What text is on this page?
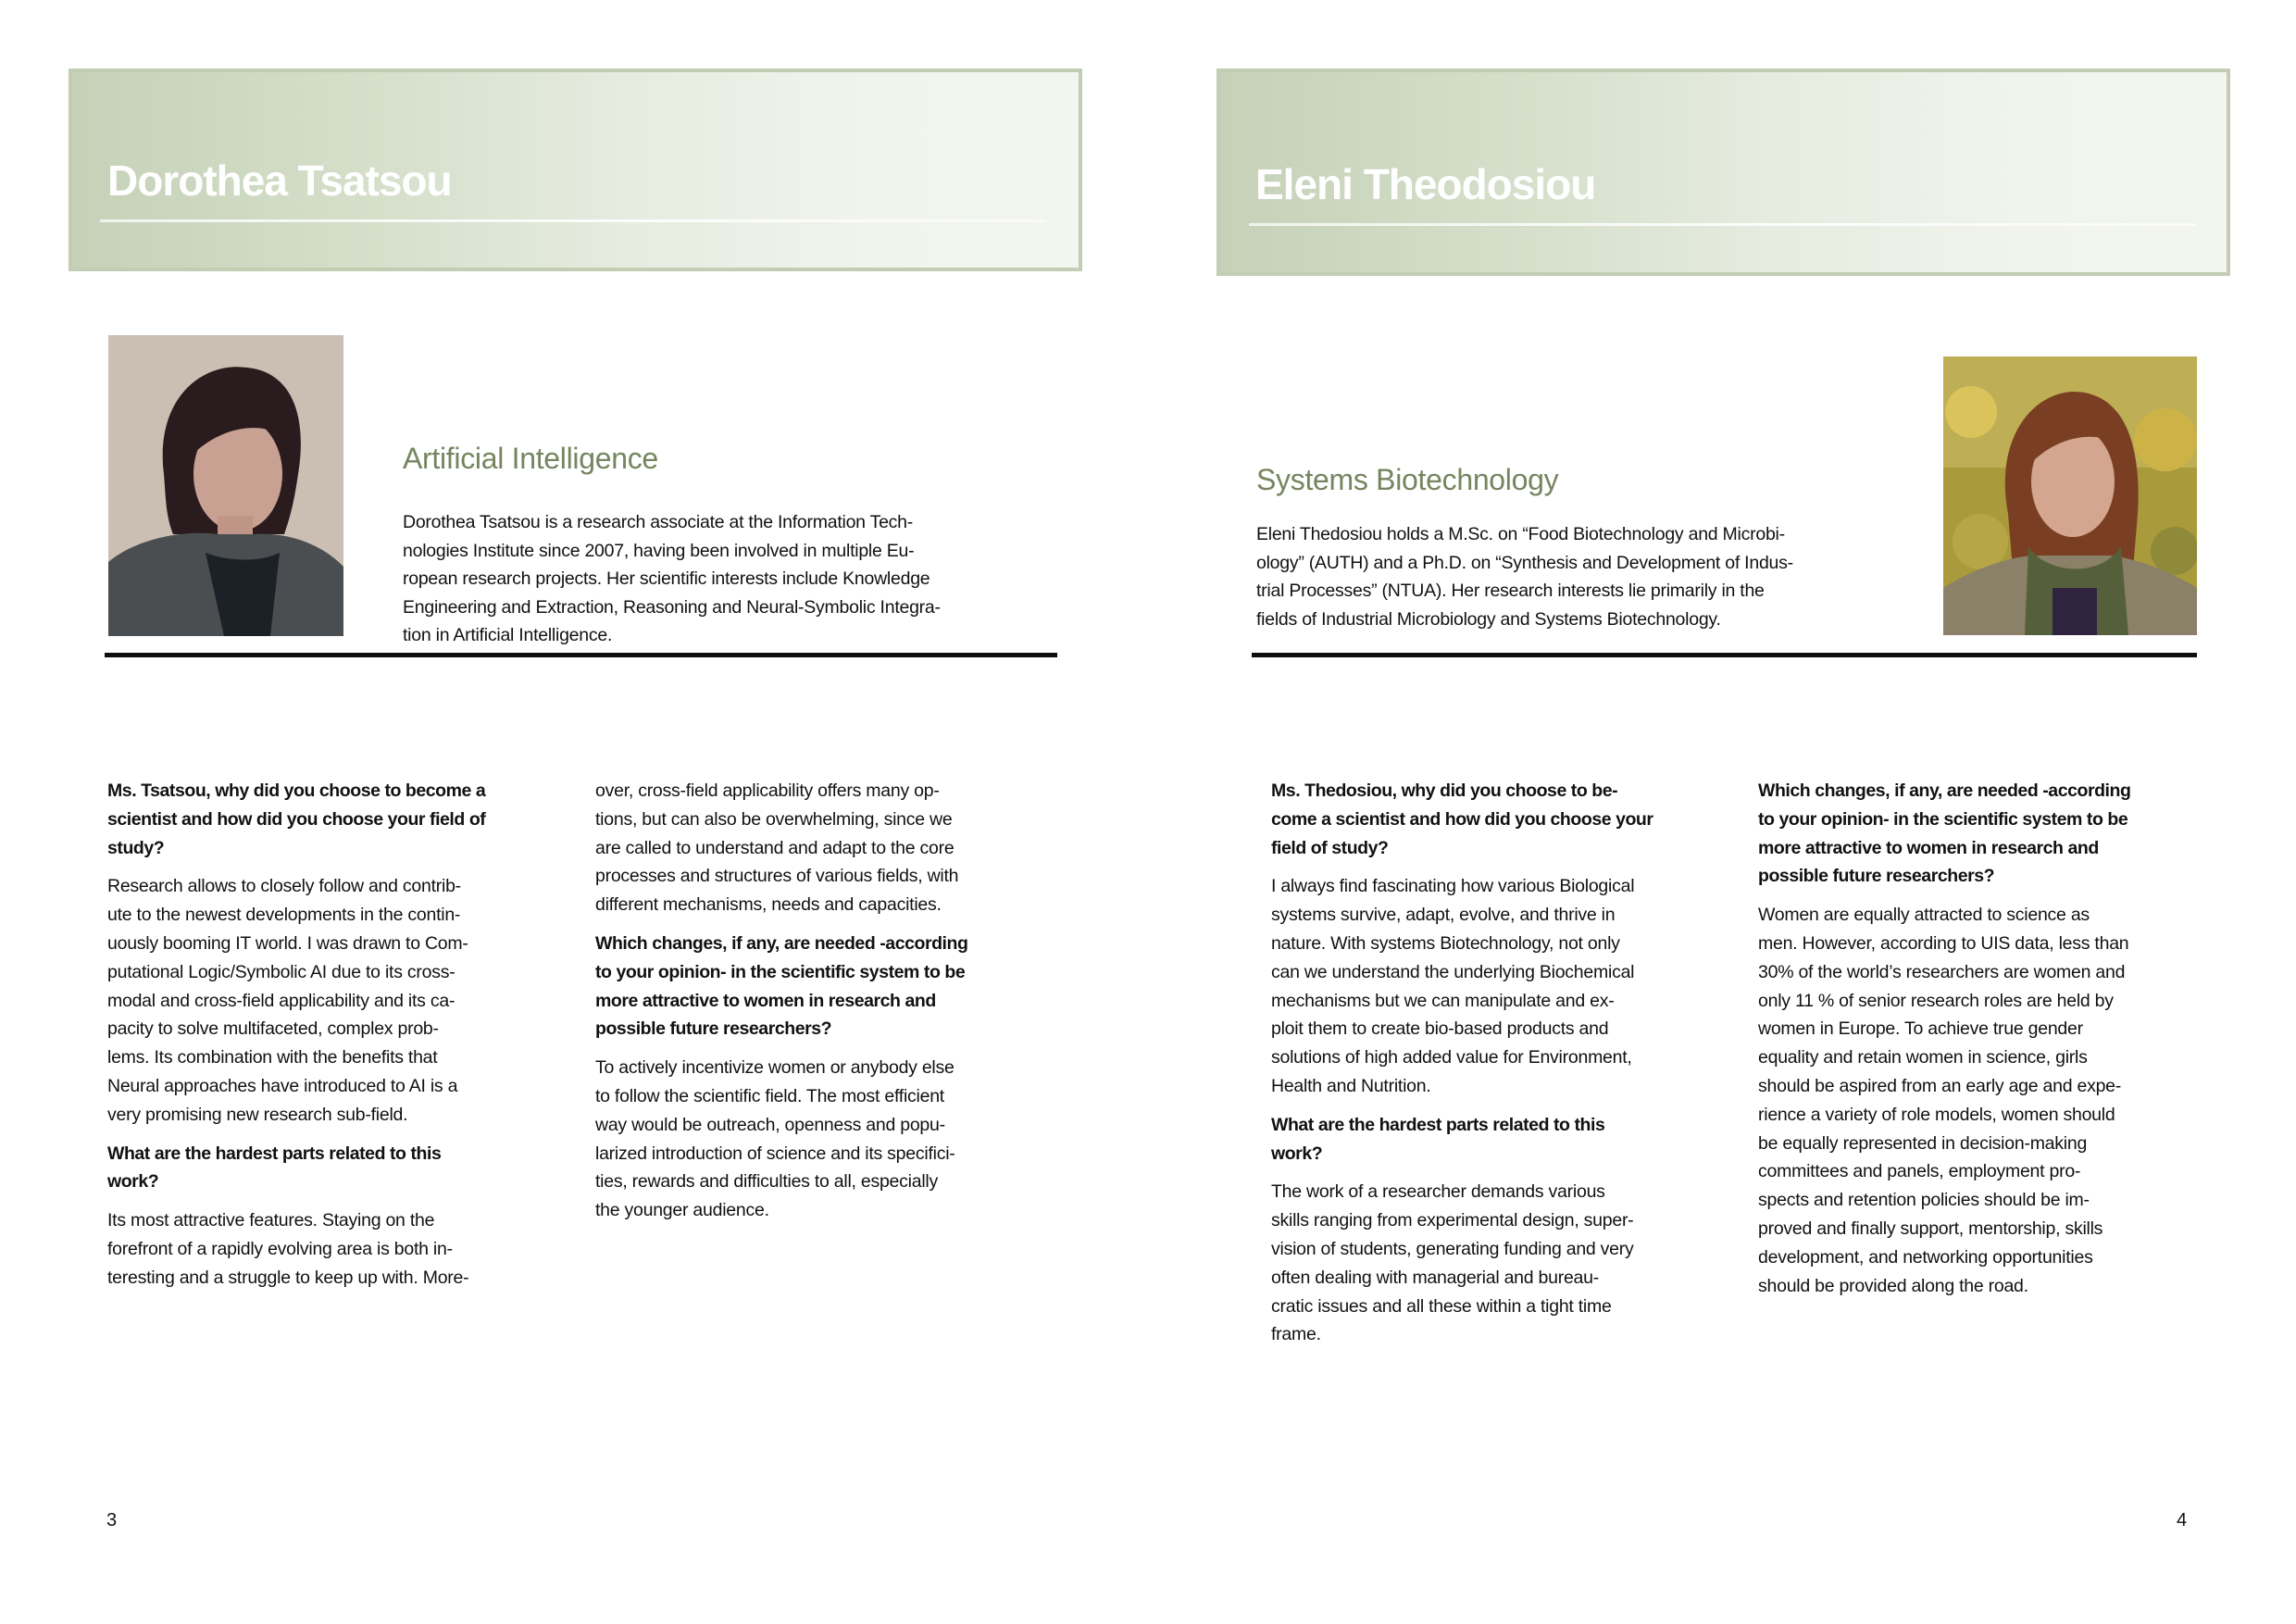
Dorothea Tsatsou
Artificial Intelligence
Dorothea Tsatsou is a research associate at the Information Tech-
nologies Institute since 2007, having been involved in multiple Eu-
ropean research projects. Her scientific interests include Knowledge
Engineering and Extraction, Reasoning and Neural-Symbolic Integra-
tion in Artificial Intelligence.
3
Eleni Theodosiou
Systems Biotechnology
Eleni Thedosiou holds a M.Sc. on “Food Biotechnology and Microbi-
ology” (AUTH) and a Ph.D. on “Synthesis and Development of Indus-
trial Processes” (NTUA). Her research interests lie primarily in the
fields of Industrial Microbiology and Systems Biotechnology.
4
Ms. Tsatsou, why did you choose to become a
scientist and how did you choose your field of
study?
Research allows to closely follow and contrib-
ute to the newest developments in the contin-
uously booming IT world. I was drawn to Com-
putational Logic/Symbolic AI due to its cross-
modal and cross-field applicability and its ca-
pacity to solve multifaceted, complex prob-
lems. Its combination with the benefits that
Neural approaches have introduced to AI is a
very promising new research sub-field.
What are the hardest parts related to this
work?
Its most attractive features. Staying on the
forefront of a rapidly evolving area is both in-
teresting and a struggle to keep up with. More-
over, cross-field applicability offers many op-
tions, but can also be overwhelming, since we
are called to understand and adapt to the core
processes and structures of various fields, with
different mechanisms, needs and capacities.
Which changes, if any, are needed -according
to your opinion- in the scientific system to be
more attractive to women in research and
possible future researchers?
To actively incentivize women or anybody else
to follow the scientific field. The most efficient
way would be outreach, openness and popu-
larized introduction of science and its specifici-
ties, rewards and difficulties to all, especially
the younger audience.
Ms. Thedosiou, why did you choose to be-
come a scientist and how did you choose your
field of study?
I always find fascinating how various Biological
systems survive, adapt, evolve, and thrive in
nature. With systems Biotechnology, not only
can we understand the underlying Biochemical
mechanisms but we can manipulate and ex-
ploit them to create bio-based products and
solutions of high added value for Environment,
Health and Nutrition.
What are the hardest parts related to this
work?
The work of a researcher demands various
skills ranging from experimental design, super-
vision of students, generating funding and very
often dealing with managerial and bureau-
cratic issues and all these within a tight time
frame.
Which changes, if any, are needed -according
to your opinion- in the scientific system to be
more attractive to women in research and
possible future researchers?
Women are equally attracted to science as
men. However, according to UIS data, less than
30% of the world’s researchers are women and
only 11 % of senior research roles are held by
women in Europe. To achieve true gender
equality and retain women in science, girls
should be aspired from an early age and expe-
rience a variety of role models, women should
be equally represented in decision-making
committees and panels, employment pro-
spects and retention policies should be im-
proved and finally support, mentorship, skills
development, and networking opportunities
should be provided along the road.
